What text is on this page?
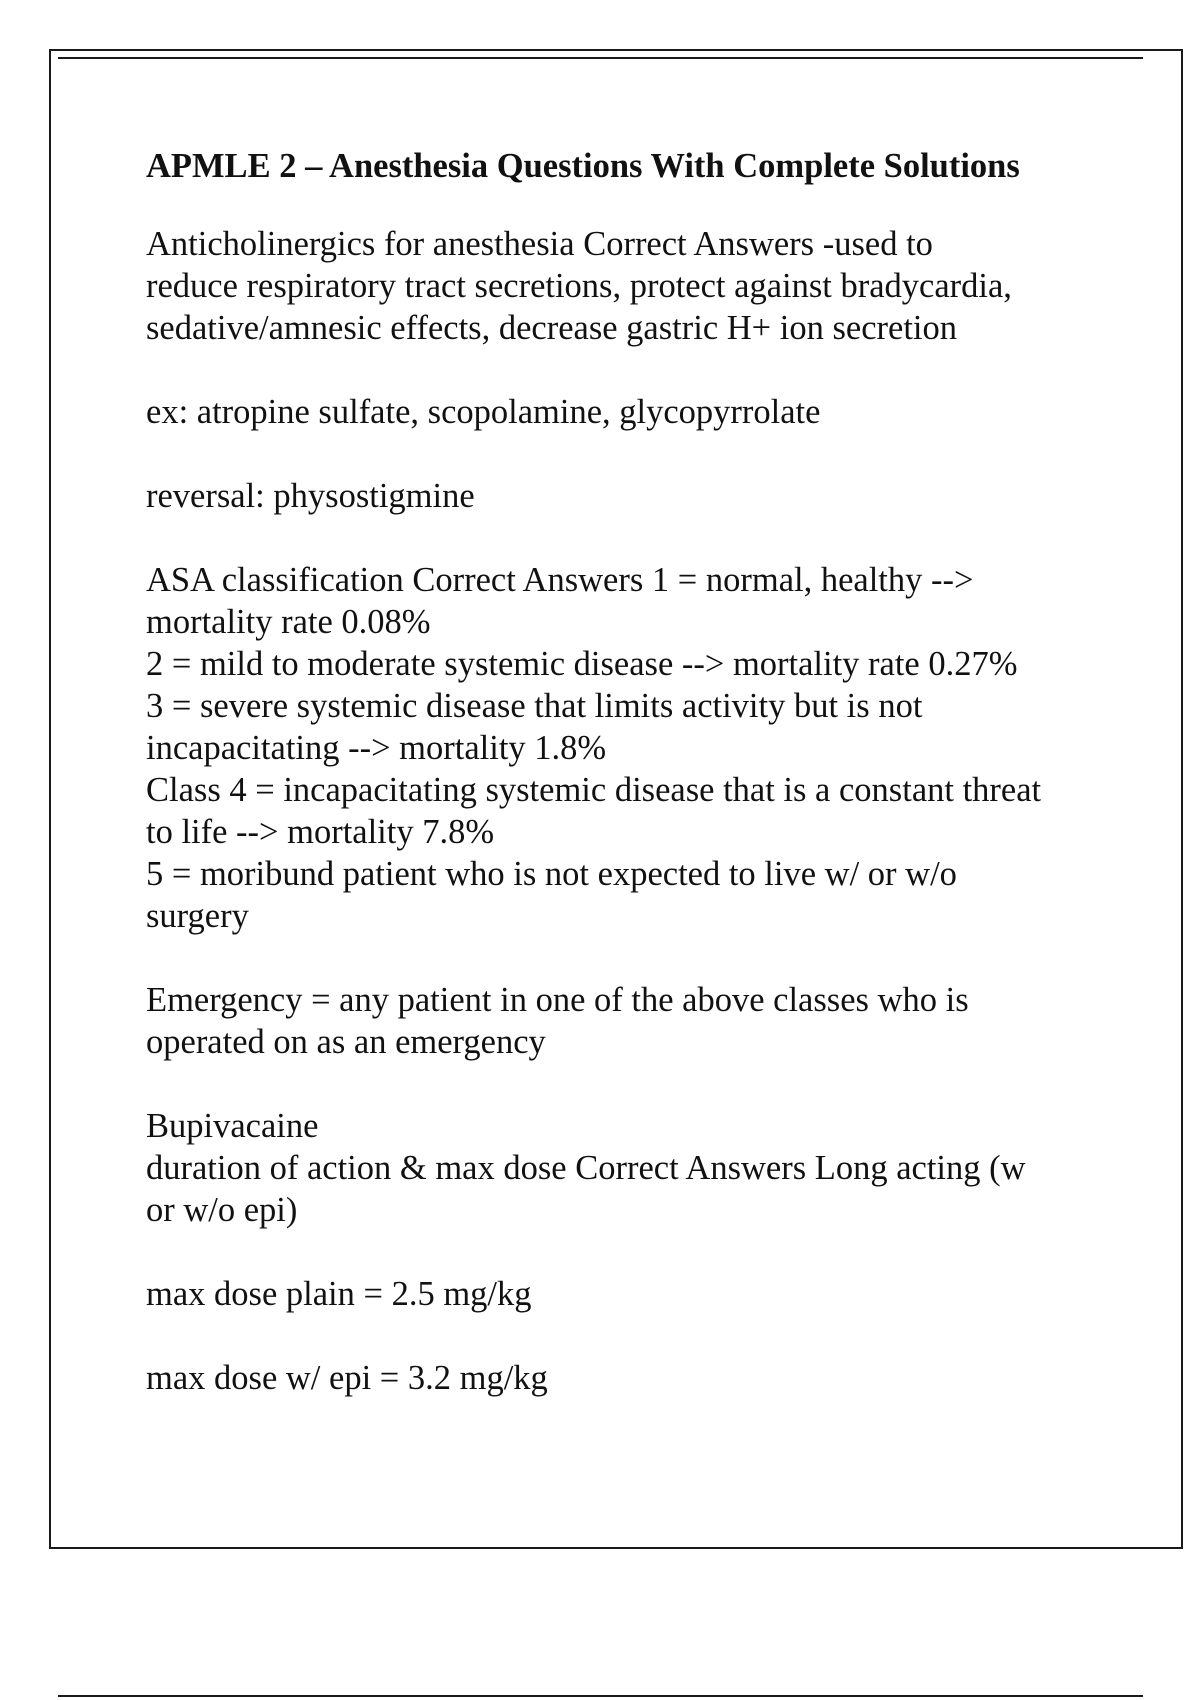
APMLE 2 – Anesthesia Questions With Complete Solutions
Anticholinergics for anesthesia Correct Answers -used to
reduce respiratory tract secretions, protect against bradycardia,
sedative/amnesic effects, decrease gastric H+ ion secretion
ex: atropine sulfate, scopolamine, glycopyrrolate
reversal: physostigmine
ASA classification Correct Answers 1 = normal, healthy -->
mortality rate 0.08%
2 = mild to moderate systemic disease --> mortality rate 0.27%
3 = severe systemic disease that limits activity but is not
incapacitating --> mortality 1.8%
Class 4 = incapacitating systemic disease that is a constant threat
to life --> mortality 7.8%
5 = moribund patient who is not expected to live w/ or w/o
surgery
Emergency = any patient in one of the above classes who is
operated on as an emergency
Bupivacaine
duration of action & max dose Correct Answers Long acting (w
or w/o epi)
max dose plain = 2.5 mg/kg
max dose w/ epi = 3.2 mg/kg
